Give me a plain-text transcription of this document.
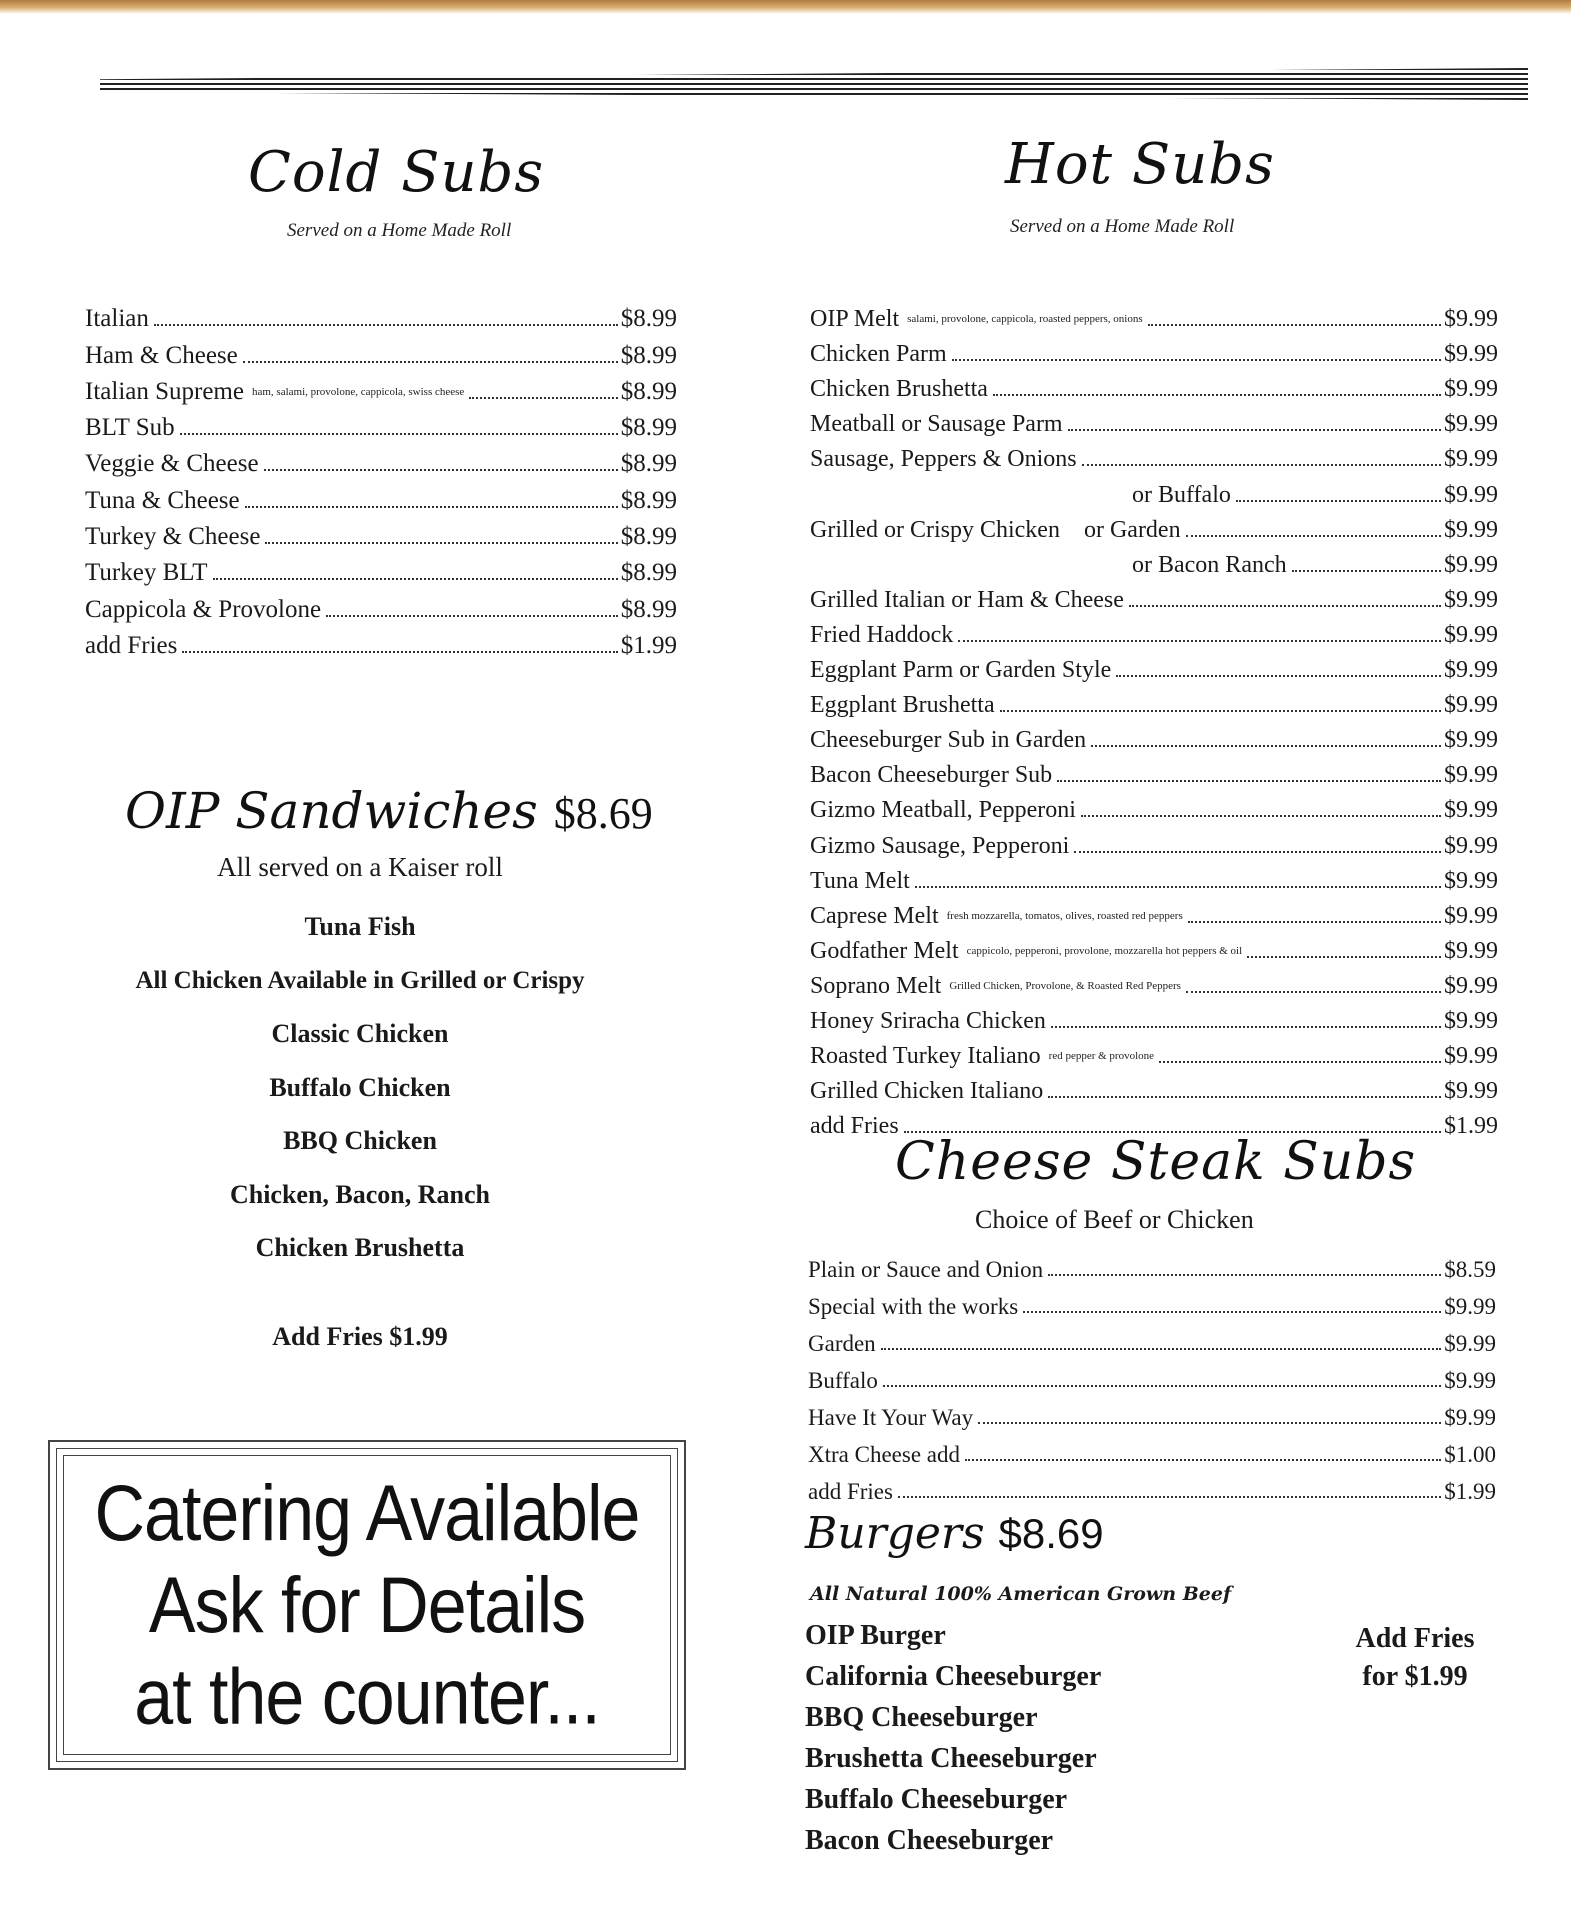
Cold Subs
Served on a Home Made Roll
Italian	$8.99
Ham & Cheese	$8.99
Italian Supreme ham, salami, provolone, cappicola, swiss cheese	$8.99
BLT Sub	$8.99
Veggie & Cheese	$8.99
Tuna & Cheese	$8.99
Turkey & Cheese	$8.99
Turkey BLT	$8.99
Cappicola & Provolone	$8.99
add Fries	$1.99
OIP Sandwiches $8.69
All served on a Kaiser roll
Tuna Fish
All Chicken Available in Grilled or Crispy
Classic Chicken
Buffalo Chicken
BBQ Chicken
Chicken, Bacon, Ranch
Chicken Brushetta
Add Fries $1.99
Catering Available
Ask for Details
at the counter...
Hot Subs
Served on a Home Made Roll
OIP Melt salami, provolone, cappicola, roasted peppers, onions	$9.99
Chicken Parm	$9.99
Chicken Brushetta	$9.99
Meatball or Sausage Parm	$9.99
Sausage, Peppers & Onions	$9.99
or Buffalo	$9.99
Grilled or Crispy Chicken    or Garden	$9.99
or Bacon Ranch	$9.99
Grilled Italian or Ham & Cheese	$9.99
Fried Haddock	$9.99
Eggplant Parm or Garden Style	$9.99
Eggplant Brushetta	$9.99
Cheeseburger Sub in Garden	$9.99
Bacon Cheeseburger Sub	$9.99
Gizmo Meatball, Pepperoni	$9.99
Gizmo Sausage, Pepperoni	$9.99
Tuna Melt	$9.99
Caprese Melt fresh mozzarella, tomatos, olives, roasted red peppers	$9.99
Godfather Melt cappicolo, pepperoni, provolone, mozzarella hot peppers & oil	$9.99
Soprano Melt Grilled Chicken, Provolone, & Roasted Red Peppers	$9.99
Honey Sriracha Chicken	$9.99
Roasted Turkey Italiano red pepper & provolone	$9.99
Grilled Chicken Italiano	$9.99
add Fries	$1.99
Cheese Steak Subs
Choice of Beef or Chicken
Plain or Sauce and Onion	$8.59
Special with the works	$9.99
Garden	$9.99
Buffalo	$9.99
Have It Your Way	$9.99
Xtra Cheese add	$1.00
add Fries	$1.99
Burgers $8.69
All Natural 100% American Grown Beef
OIP Burger
California Cheeseburger
BBQ Cheeseburger
Brushetta Cheeseburger
Buffalo Cheeseburger
Bacon Cheeseburger
Add Fries
for $1.99
